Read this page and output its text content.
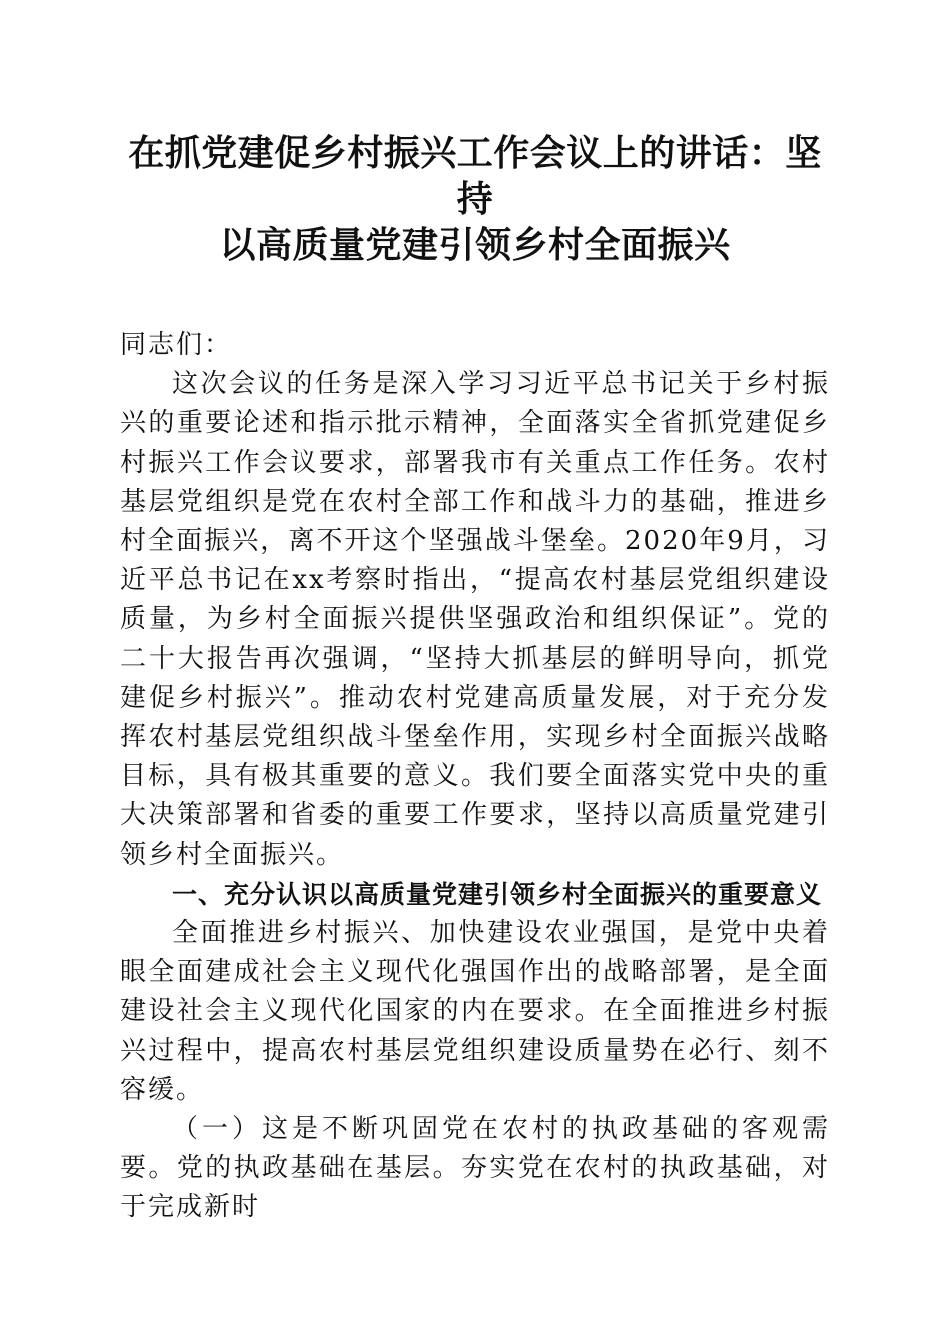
在抓党建促乡村振兴工作会议上的讲话：坚持
以高质量党建引领乡村全面振兴

同志们：

这次会议的任务是深入学习习近平总书记关于乡村振兴的重要论述和指示批示精神，全面落实全省抓党建促乡村振兴工作会议要求，部署我市有关重点工作任务。农村基层党组织是党在农村全部工作和战斗力的基础，推进乡村全面振兴，离不开这个坚强战斗堡垒。2020年9月，习近平总书记在xx考察时指出，“提高农村基层党组织建设质量，为乡村全面振兴提供坚强政治和组织保证”。党的二十大报告再次强调，“坚持大抓基层的鲜明导向，抓党建促乡村振兴”。推动农村党建高质量发展，对于充分发挥农村基层党组织战斗堡垒作用，实现乡村全面振兴战略目标，具有极其重要的意义。我们要全面落实党中央的重大决策部署和省委的重要工作要求，坚持以高质量党建引领乡村全面振兴。

一、充分认识以高质量党建引领乡村全面振兴的重要意义

全面推进乡村振兴、加快建设农业强国，是党中央着眼全面建成社会主义现代化强国作出的战略部署，是全面建设社会主义现代化国家的内在要求。在全面推进乡村振兴过程中，提高农村基层党组织建设质量势在必行、刻不容缓。

（一）这是不断巩固党在农村的执政基础的客观需要。党的执政基础在基层。夯实党在农村的执政基础，对于完成新时
